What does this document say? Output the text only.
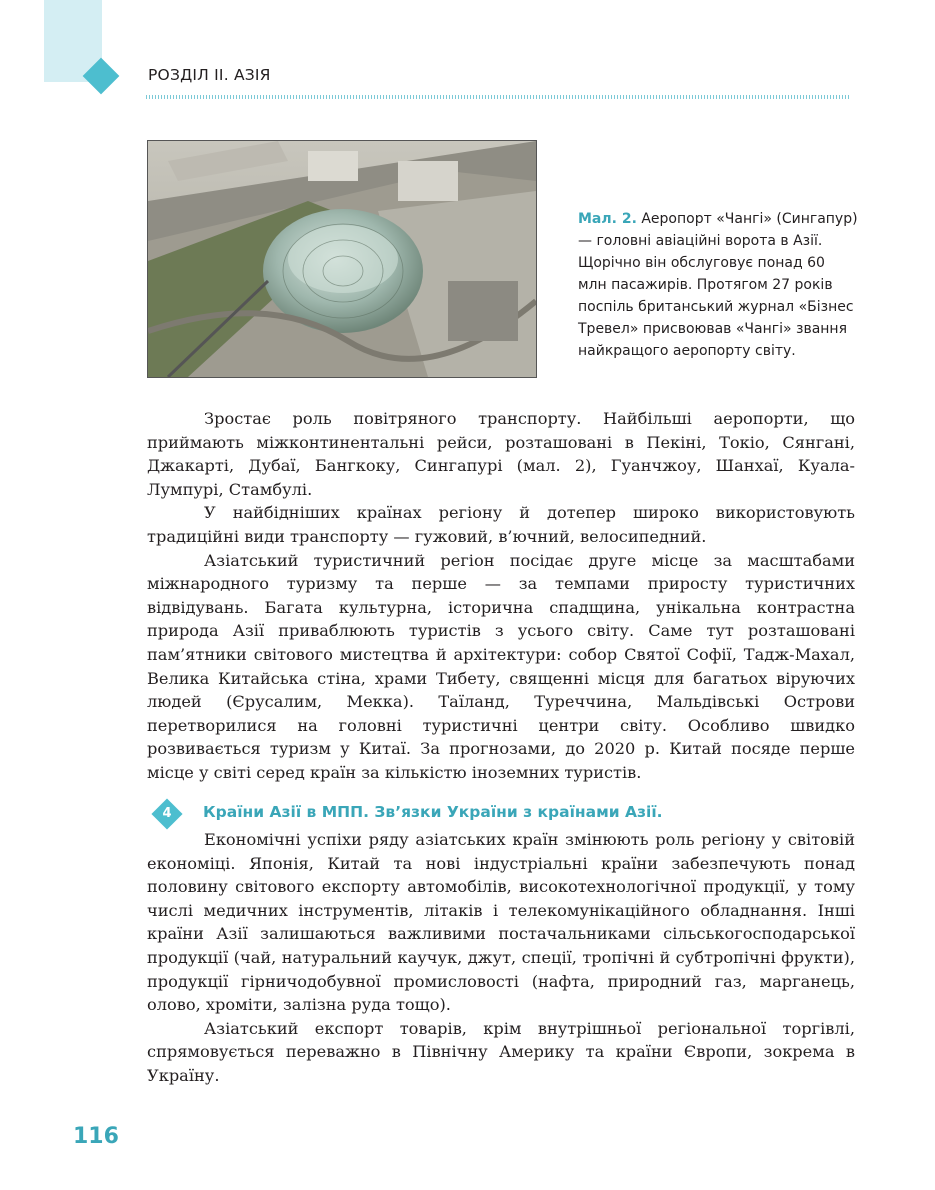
РОЗДІЛ ІІ. АЗІЯ
Мал. 2. Аеропорт «Чангі» (Сингапур) — головні авіаційні ворота в Азії. Щорічно він обслуговує понад 60 млн пасажирів. Протягом 27 років поспіль британський журнал «Бізнес Тревел» присвоював «Чангі» звання найкращого аеропорту світу.

Зростає роль повітряного транспорту. Найбільші аеропорти, що приймають міжконтинентальні рейси, розташовані в Пекіні, Токіо, Сянгані, Джакарті, Дубаї, Бангкоку, Сингапурі (мал. 2), Гуанчжоу, Шанхаї, Куала-Лумпурі, Стамбулі.

У найбідніших країнах регіону й дотепер широко використовують традиційні види транспорту — гужовий, в’ючний, велосипедний.

Азіатський туристичний регіон посідає друге місце за масштабами міжнародного туризму та перше — за темпами приросту туристичних відвідувань. Багата культурна, історична спадщина, унікальна контрастна природа Азії приваблюють туристів з усього світу. Саме тут розташовані пам’ятники світового мистецтва й архітектури: собор Святої Софії, Тадж-Махал, Велика Китайська стіна, храми Тибету, священні місця для багатьох віруючих людей (Єрусалим, Мекка). Таїланд, Туреччина, Мальдівські Острови перетворилися на головні туристичні центри світу. Особливо швидко розвивається туризм у Китаї. За прогнозами, до 2020 р. Китай посяде перше місце у світі серед країн за кількістю іноземних туристів.

4	Країни Азії в МПП. Зв’язки України з країнами Азії.

Економічні успіхи ряду азіатських країн змінюють роль регіону у світовій економіці. Японія, Китай та нові індустріальні країни забезпечують понад половину світового експорту автомобілів, високотехнологічної продукції, у тому числі медичних інструментів, літаків і телекомунікаційного обладнання. Інші країни Азії залишаються важливими постачальниками сільськогосподарської продукції (чай, натуральний каучук, джут, спеції, тропічні й субтропічні фрукти), продукції гірничодобувної промисловості (нафта, природний газ, марганець, олово, хроміти, залізна руда тощо).

Азіатський експорт товарів, крім внутрішньої регіональної торгівлі, спрямовується переважно в Північну Америку та країни Європи, зокрема в Україну.

116
